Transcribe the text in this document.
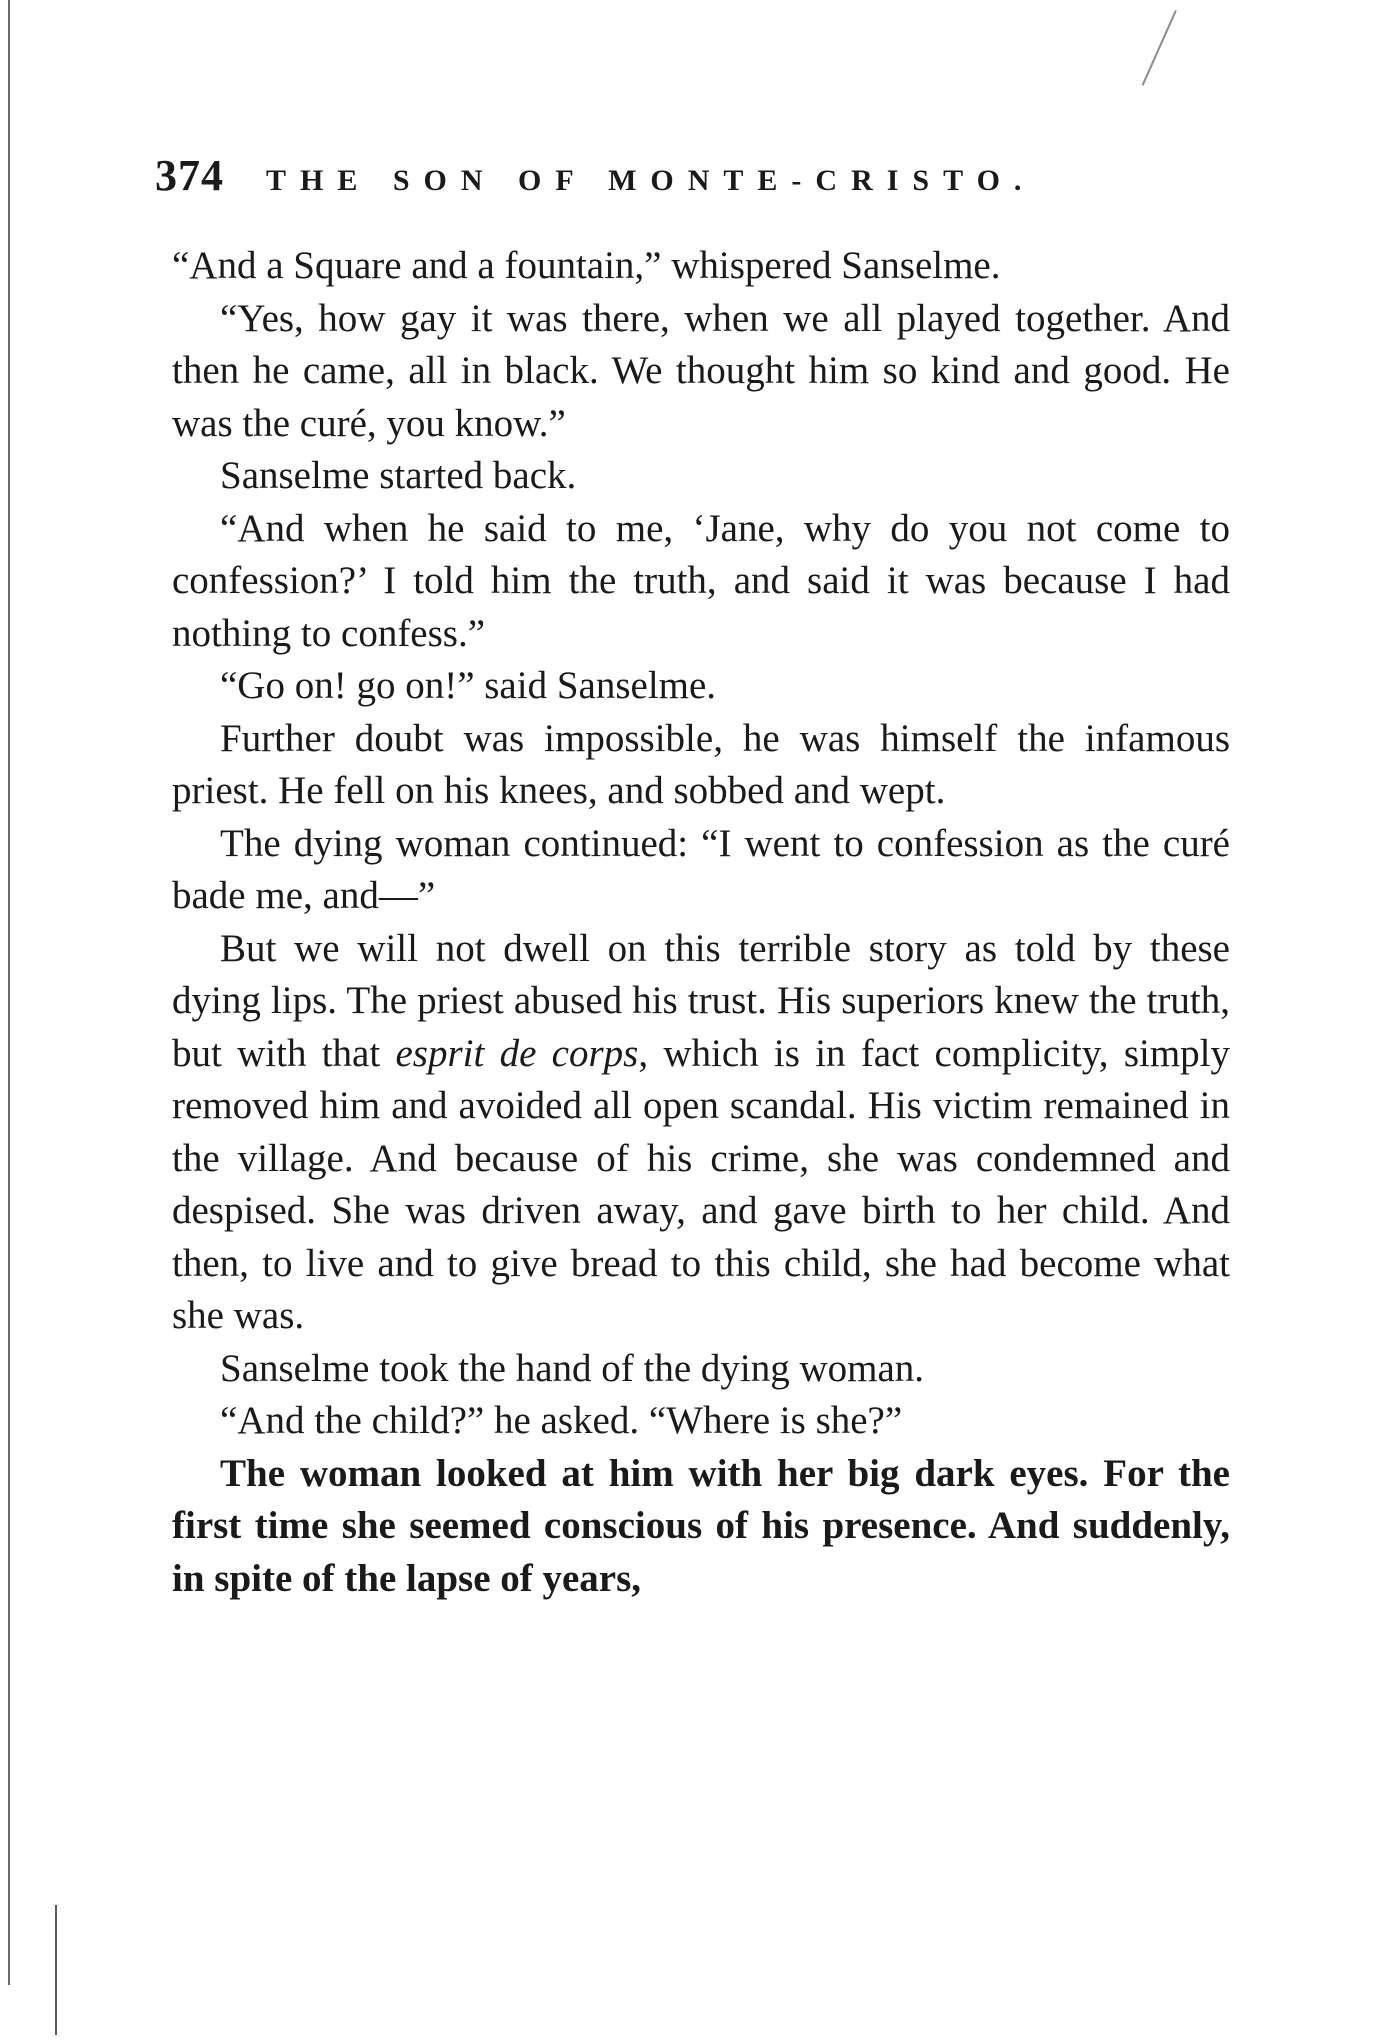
374 THE SON OF MONTE-CRISTO.

“And a Square and a fountain,” whispered Sanselme.

“Yes, how gay it was there, when we all played together. And then he came, all in black. We thought him so kind and good. He was the curé, you know.”

Sanselme started back.

“And when he said to me, ‘Jane, why do you not come to confession?’ I told him the truth, and said it was because I had nothing to confess.”

“Go on! go on!” said Sanselme.

Further doubt was impossible, he was himself the infamous priest. He fell on his knees, and sobbed and wept.

The dying woman continued: “I went to confession as the curé bade me, and—”

But we will not dwell on this terrible story as told by these dying lips. The priest abused his trust. His superiors knew the truth, but with that esprit de corps, which is in fact complicity, simply removed him and avoided all open scandal. His victim remained in the village. And because of his crime, she was condemned and despised. She was driven away, and gave birth to her child. And then, to live and to give bread to this child, she had become what she was.

Sanselme took the hand of the dying woman.

“And the child?” he asked. “Where is she?”

The woman looked at him with her big dark eyes. For the first time she seemed conscious of his presence. And suddenly, in spite of the lapse of years,
